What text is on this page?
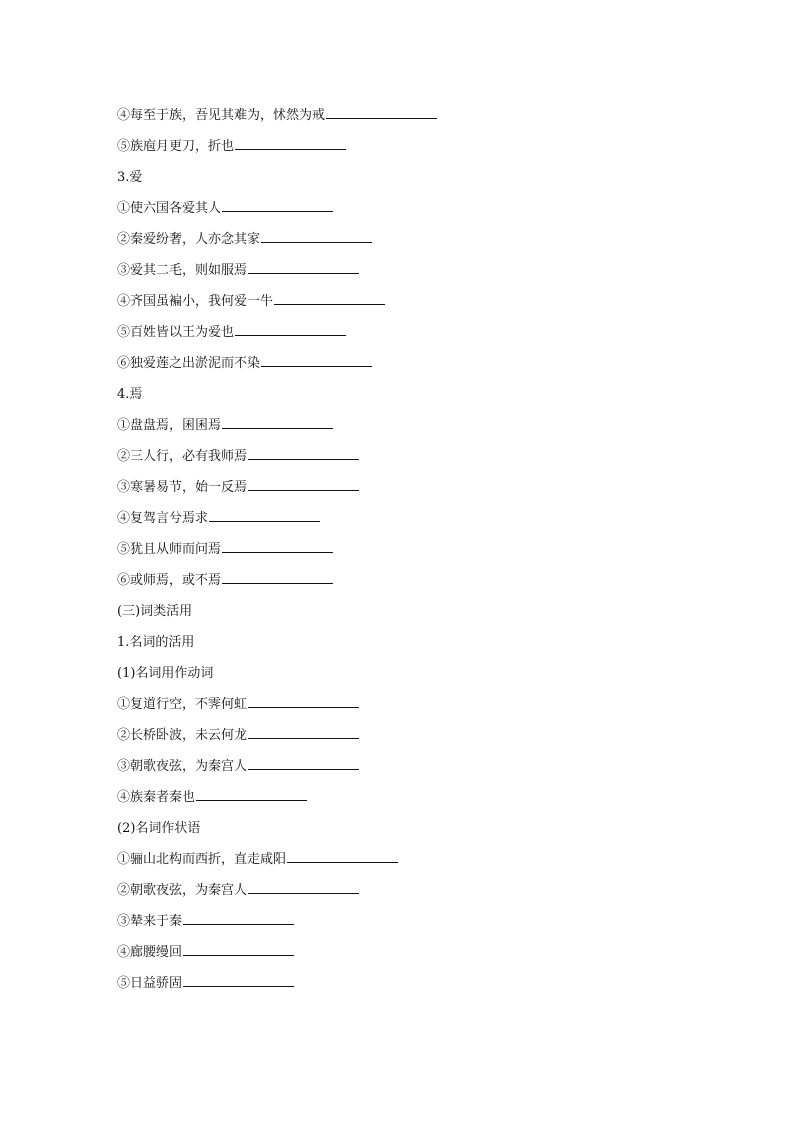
④每至于族，吾见其难为，怵然为戒
⑤族庖月更刀，折也
3.爱
①使六国各爱其人
②秦爱纷奢，人亦念其家
③爱其二毛，则如服焉
④齐国虽褊小，我何爱一牛
⑤百姓皆以王为爱也
⑥独爱莲之出淤泥而不染
4.焉
①盘盘焉，囷囷焉
②三人行，必有我师焉
③寒暑易节，始一反焉
④复驾言兮焉求
⑤犹且从师而问焉
⑥或师焉，或不焉
(三)词类活用
1.名词的活用
(1)名词用作动词
①复道行空，不霁何虹
②长桥卧波，未云何龙
③朝歌夜弦，为秦宫人
④族秦者秦也
(2)名词作状语
①骊山北构而西折，直走咸阳
②朝歌夜弦，为秦宫人
③辇来于秦
④廊腰缦回
⑤日益骄固
